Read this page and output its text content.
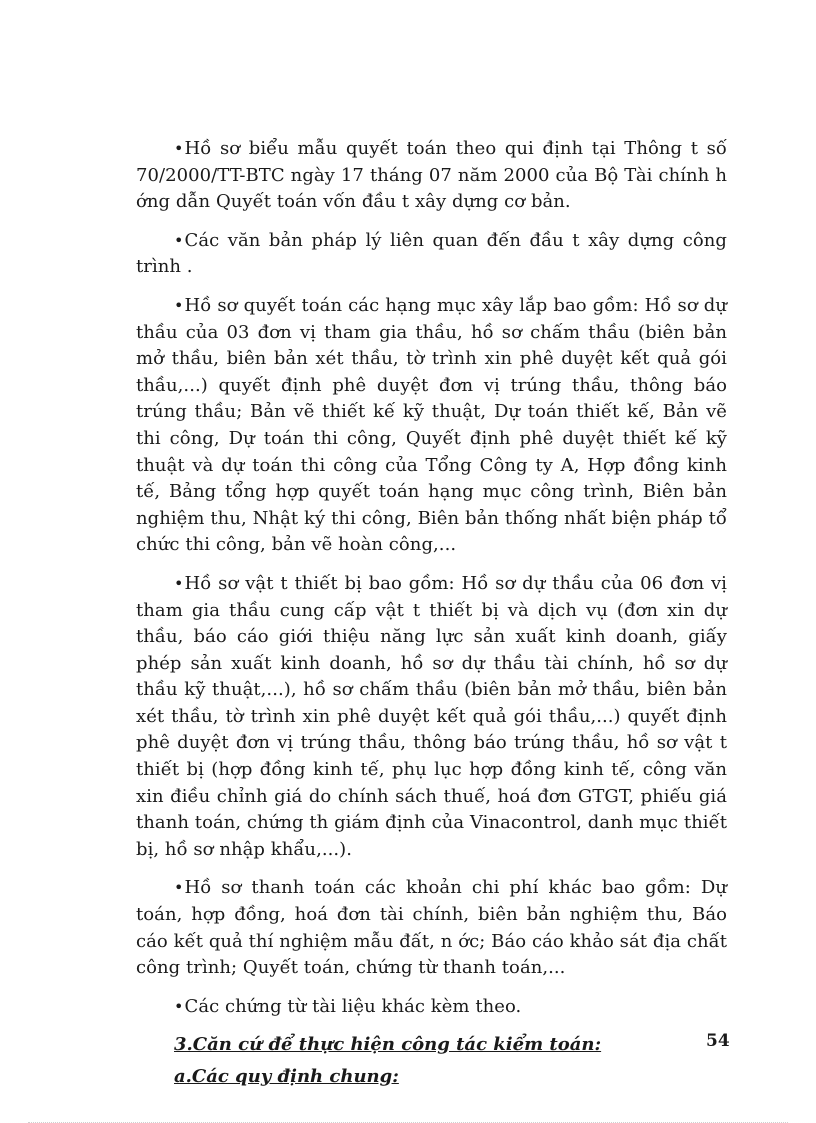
•Hồ sơ biểu mẫu quyết toán theo qui định tại Thông t số 70/2000/TT-BTC ngày 17 tháng 07 năm 2000 của Bộ Tài chính h ớng dẫn Quyết toán vốn đầu t xây dựng cơ bản.

•Các văn bản pháp lý liên quan đến đầu t xây dựng công trình .

•Hồ sơ quyết toán các hạng mục xây lắp bao gồm: Hồ sơ dự thầu của 03 đơn vị tham gia thầu, hồ sơ chấm thầu (biên bản mở thầu, biên bản xét thầu, tờ trình xin phê duyệt kết quả gói thầu,...) quyết định phê duyệt đơn vị trúng thầu, thông báo trúng thầu; Bản vẽ thiết kế kỹ thuật, Dự toán thiết kế, Bản vẽ thi công, Dự toán thi công, Quyết định phê duyệt thiết kế kỹ thuật và dự toán thi công của Tổng Công ty A, Hợp đồng kinh tế, Bảng tổng hợp quyết toán hạng mục công trình, Biên bản nghiệm thu, Nhật ký thi công, Biên bản thống nhất biện pháp tổ chức thi công, bản vẽ hoàn công,...

•Hồ sơ vật t thiết bị bao gồm: Hồ sơ dự thầu của 06 đơn vị tham gia thầu cung cấp vật t thiết bị và dịch vụ (đơn xin dự thầu, báo cáo giới thiệu năng lực sản xuất kinh doanh, giấy phép sản xuất kinh doanh, hồ sơ dự thầu tài chính, hồ sơ dự thầu kỹ thuật,...), hồ sơ chấm thầu (biên bản mở thầu, biên bản xét thầu, tờ trình xin phê duyệt kết quả gói thầu,...) quyết định phê duyệt đơn vị trúng thầu, thông báo trúng thầu, hồ sơ vật t thiết bị (hợp đồng kinh tế, phụ lục hợp đồng kinh tế, công văn xin điều chỉnh giá do chính sách thuế, hoá đơn GTGT, phiếu giá thanh toán, chứng th giám định của Vinacontrol, danh mục thiết bị, hồ sơ nhập khẩu,...).

•Hồ sơ thanh toán các khoản chi phí khác bao gồm: Dự toán, hợp đồng, hoá đơn tài chính, biên bản nghiệm thu, Báo cáo kết quả thí nghiệm mẫu đất, n ớc; Báo cáo khảo sát địa chất công trình; Quyết toán, chứng từ thanh toán,...

•Các chứng từ tài liệu khác kèm theo.

3.Căn cứ để thực hiện công tác kiểm toán:

a.Các quy định chung:

54
